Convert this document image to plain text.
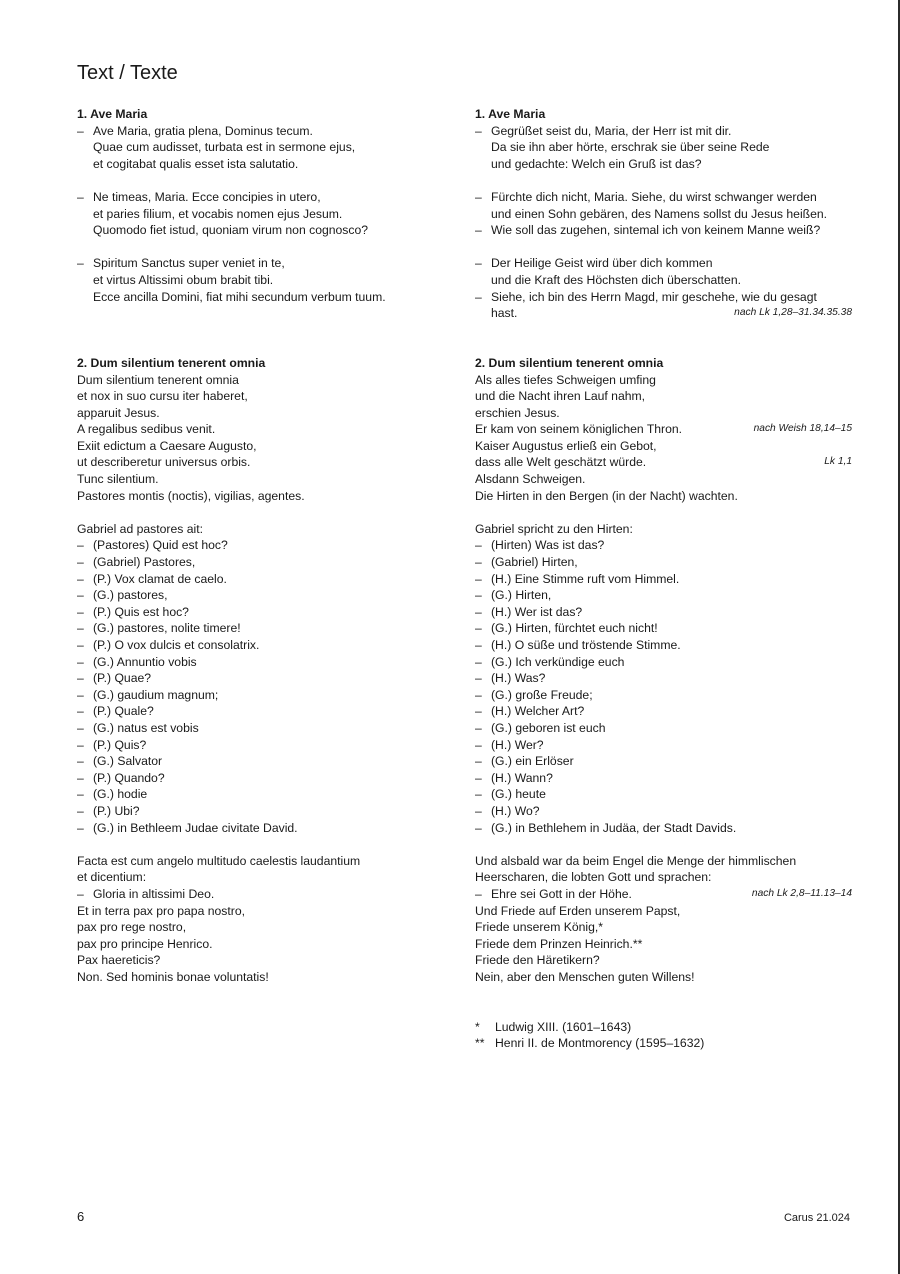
Text / Texte
1. Ave Maria
– Ave Maria, gratia plena, Dominus tecum.
Quae cum audisset, turbata est in sermone ejus,
et cogitabat qualis esset ista salutatio.
– Ne timeas, Maria. Ecce concipies in utero,
et paries filium, et vocabis nomen ejus Jesum.
Quomodo fiet istud, quoniam virum non cognosco?
– Spiritum Sanctus super veniet in te,
et virtus Altissimi obum brabit tibi.
Ecce ancilla Domini, fiat mihi secundum verbum tuum.
2. Dum silentium tenerent omnia
Dum silentium tenerent omnia
et nox in suo cursu iter haberet,
apparuit Jesus.
A regalibus sedibus venit.
Exiit edictum a Caesare Augusto,
ut describeretur universus orbis.
Tunc silentium.
Pastores montis (noctis), vigilias, agentes.
Gabriel ad pastores ait:
– (Pastores) Quid est hoc?
– (Gabriel) Pastores,
– (P.) Vox clamat de caelo.
– (G.) pastores,
– (P.) Quis est hoc?
– (G.) pastores, nolite timere!
– (P.) O vox dulcis et consolatrix.
– (G.) Annuntio vobis
– (P.) Quae?
– (G.) gaudium magnum;
– (P.) Quale?
– (G.) natus est vobis
– (P.) Quis?
– (G.) Salvator
– (P.) Quando?
– (G.) hodie
– (P.) Ubi?
– (G.) in Bethleem Judae civitate David.
Facta est cum angelo multitudo caelestis laudantium
et dicentium:
– Gloria in altissimi Deo.
Et in terra pax pro papa nostro,
pax pro rege nostro,
pax pro principe Henrico.
Pax haereticis?
Non. Sed hominis bonae voluntatis!
1. Ave Maria
– Gegrüßet seist du, Maria, der Herr ist mit dir.
Da sie ihn aber hörte, erschrak sie über seine Rede
und gedachte: Welch ein Gruß ist das?
– Fürchte dich nicht, Maria. Siehe, du wirst schwanger werden
und einen Sohn gebären, des Namens sollst du Jesus heißen.
– Wie soll das zugehen, sintemal ich von keinem Manne weiß?
– Der Heilige Geist wird über dich kommen
und die Kraft des Höchsten dich überschatten.
– Siehe, ich bin des Herrn Magd, mir geschehe, wie du gesagt
hast.	nach Lk 1,28–31.34.35.38
2. Dum silentium tenerent omnia
Als alles tiefes Schweigen umfing
und die Nacht ihren Lauf nahm,
erschien Jesus.
Er kam von seinem königlichen Thron.	nach Weish 18,14–15
Kaiser Augustus erließ ein Gebot,
dass alle Welt geschätzt würde.	Lk 1,1
Alsdann Schweigen.
Die Hirten in den Bergen (in der Nacht) wachten.
Gabriel spricht zu den Hirten:
– (Hirten) Was ist das?
– (Gabriel) Hirten,
– (H.) Eine Stimme ruft vom Himmel.
– (G.) Hirten,
– (H.) Wer ist das?
– (G.) Hirten, fürchtet euch nicht!
– (H.) O süße und tröstende Stimme.
– (G.) Ich verkündige euch
– (H.) Was?
– (G.) große Freude;
– (H.) Welcher Art?
– (G.) geboren ist euch
– (H.) Wer?
– (G.) ein Erlöser
– (H.) Wann?
– (G.) heute
– (H.) Wo?
– (G.) in Bethlehem in Judäa, der Stadt Davids.
Und alsbald war da beim Engel die Menge der himmlischen
Heerscharen, die lobten Gott und sprachen:
– Ehre sei Gott in der Höhe.	nach Lk 2,8–11.13–14
Und Friede auf Erden unserem Papst,
Friede unserem König,*
Friede dem Prinzen Heinrich.**
Friede den Häretikern?
Nein, aber den Menschen guten Willens!
*	Ludwig XIII. (1601–1643)
** Henri II. de Montmorency (1595–1632)
6	Carus 21.024
